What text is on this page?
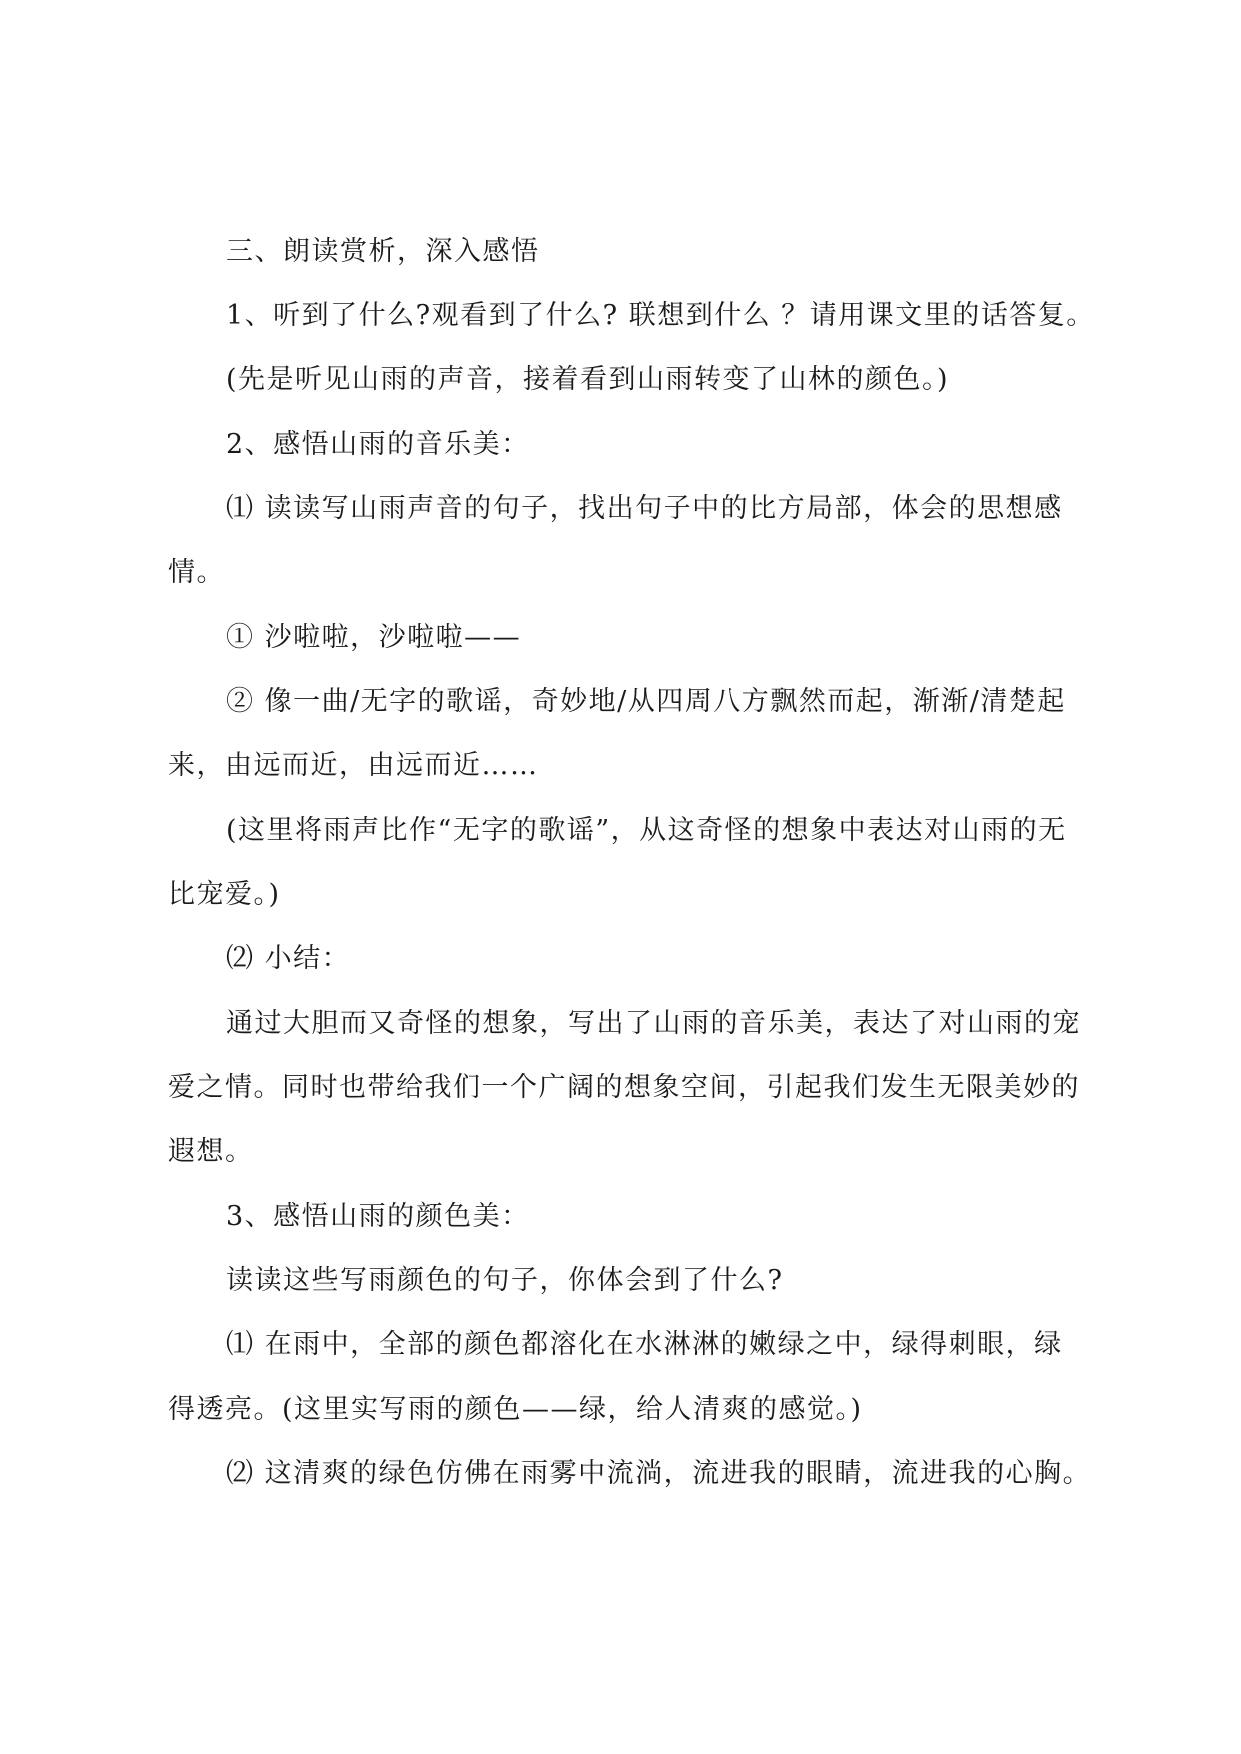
三、朗读赏析，深入感悟
1、听到了什么?观看到了什么? 联想到什么 ？请用课文里的话答复。
(先是听见山雨的声音，接着看到山雨转变了山林的颜色。)
2、感悟山雨的音乐美：
⑴ 读读写山雨声音的句子，找出句子中的比方局部，体会的思想感
情。
① 沙啦啦，沙啦啦——
② 像一曲/无字的歌谣，奇妙地/从四周八方飘然而起，渐渐/清楚起
来，由远而近，由远而近……
(这里将雨声比作“无字的歌谣”，从这奇怪的想象中表达对山雨的无
比宠爱。)
⑵ 小结：
通过大胆而又奇怪的想象，写出了山雨的音乐美，表达了对山雨的宠
爱之情。同时也带给我们一个广阔的想象空间，引起我们发生无限美妙的
遐想。
3、感悟山雨的颜色美：
读读这些写雨颜色的句子，你体会到了什么?
⑴ 在雨中，全部的颜色都溶化在水淋淋的嫩绿之中，绿得刺眼，绿
得透亮。(这里实写雨的颜色——绿，给人清爽的感觉。)
⑵ 这清爽的绿色仿佛在雨雾中流淌，流进我的眼睛，流进我的心胸。
